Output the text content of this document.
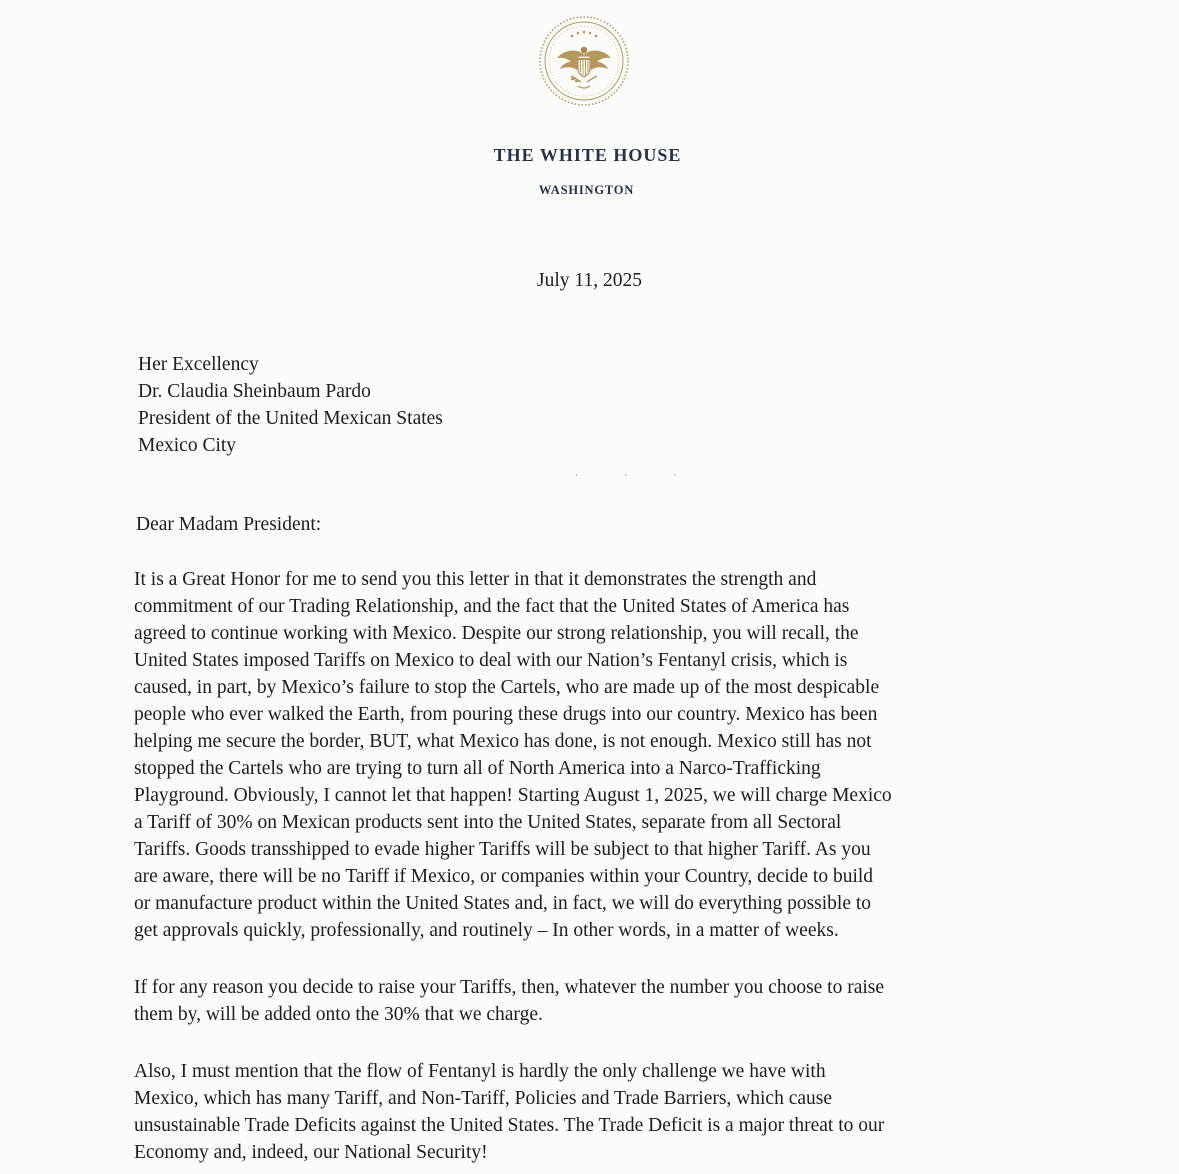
THE WHITE HOUSE
WASHINGTON
July 11, 2025
Her Excellency
Dr. Claudia Sheinbaum Pardo
President of the United Mexican States
Mexico City
· · ·
Dear Madam President:
It is a Great Honor for me to send you this letter in that it demonstrates the strength and
commitment of our Trading Relationship, and the fact that the United States of America has
agreed to continue working with Mexico. Despite our strong relationship, you will recall, the
United States imposed Tariffs on Mexico to deal with our Nation’s Fentanyl crisis, which is
caused, in part, by Mexico’s failure to stop the Cartels, who are made up of the most despicable
people who ever walked the Earth, from pouring these drugs into our country. Mexico has been
helping me secure the border, BUT, what Mexico has done, is not enough. Mexico still has not
stopped the Cartels who are trying to turn all of North America into a Narco-Trafficking
Playground. Obviously, I cannot let that happen! Starting August 1, 2025, we will charge Mexico
a Tariff of 30% on Mexican products sent into the United States, separate from all Sectoral
Tariffs. Goods transshipped to evade higher Tariffs will be subject to that higher Tariff. As you
are aware, there will be no Tariff if Mexico, or companies within your Country, decide to build
or manufacture product within the United States and, in fact, we will do everything possible to
get approvals quickly, professionally, and routinely – In other words, in a matter of weeks.
If for any reason you decide to raise your Tariffs, then, whatever the number you choose to raise
them by, will be added onto the 30% that we charge.
Also, I must mention that the flow of Fentanyl is hardly the only challenge we have with
Mexico, which has many Tariff, and Non-Tariff, Policies and Trade Barriers, which cause
unsustainable Trade Deficits against the United States. The Trade Deficit is a major threat to our
Economy and, indeed, our National Security!
